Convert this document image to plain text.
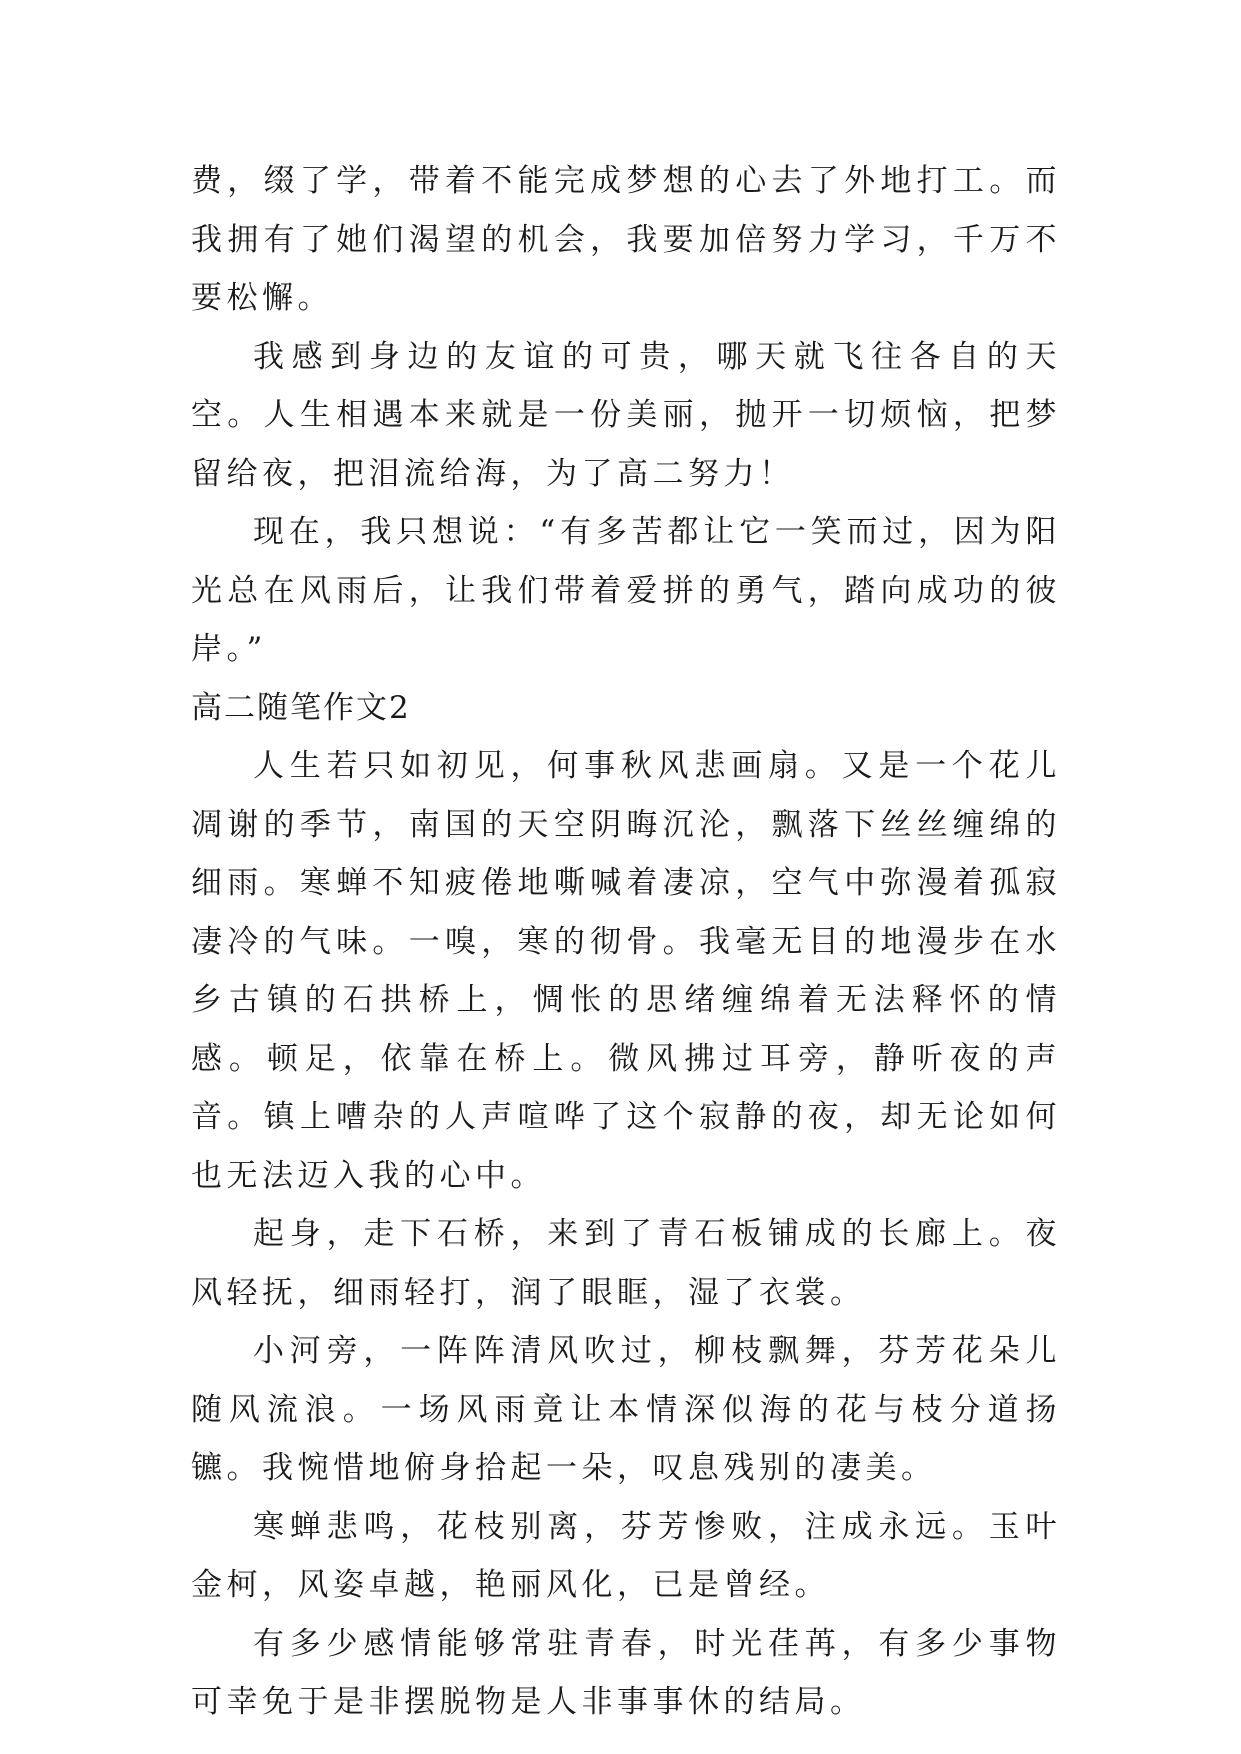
费，缀了学，带着不能完成梦想的心去了外地打工。而我拥有了她们渴望的机会，我要加倍努力学习，千万不要松懈。

我感到身边的友谊的可贵，哪天就飞往各自的天空。人生相遇本来就是一份美丽，抛开一切烦恼，把梦留给夜，把泪流给海，为了高二努力！

现在，我只想说：“有多苦都让它一笑而过，因为阳光总在风雨后，让我们带着爱拼的勇气，踏向成功的彼岸。”

高二随笔作文2

人生若只如初见，何事秋风悲画扇。又是一个花儿凋谢的季节，南国的天空阴晦沉沦，飘落下丝丝缠绵的细雨。寒蝉不知疲倦地嘶喊着凄凉，空气中弥漫着孤寂凄冷的气味。一嗅，寒的彻骨。我毫无目的地漫步在水乡古镇的石拱桥上，惆怅的思绪缠绵着无法释怀的情感。顿足，依靠在桥上。微风拂过耳旁，静听夜的声音。镇上嘈杂的人声喧哗了这个寂静的夜，却无论如何也无法迈入我的心中。

起身，走下石桥，来到了青石板铺成的长廊上。夜风轻抚，细雨轻打，润了眼眶，湿了衣裳。

小河旁，一阵阵清风吹过，柳枝飘舞，芬芳花朵儿随风流浪。一场风雨竟让本情深似海的花与枝分道扬镳。我惋惜地俯身拾起一朵，叹息残别的凄美。

寒蝉悲鸣，花枝别离，芬芳惨败，注成永远。玉叶金柯，风姿卓越，艳丽风化，已是曾经。

有多少感情能够常驻青春，时光荏苒，有多少事物可幸免于是非摆脱物是人非事事休的结局。
